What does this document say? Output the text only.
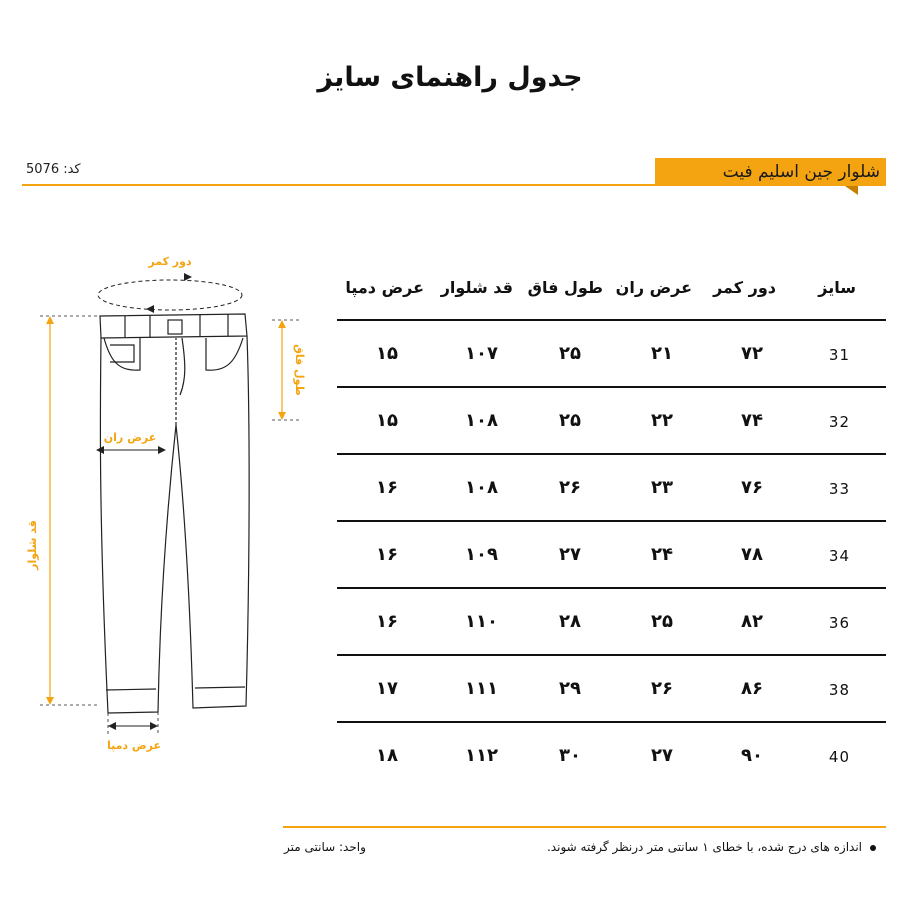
جدول راهنمای سایز
شلوار جین اسلیم فیت
کد: 5076
دور کمر
طول فاق
عرض ران
قد شلوار
عرض دمپا
سایز
دور کمر
عرض ران
طول فاق
قد شلوار
عرض دمپا
31
۷۲
۲۱
۲۵
۱۰۷
۱۵
32
۷۴
۲۲
۲۵
۱۰۸
۱۵
33
۷۶
۲۳
۲۶
۱۰۸
۱۶
34
۷۸
۲۴
۲۷
۱۰۹
۱۶
36
۸۲
۲۵
۲۸
۱۱۰
۱۶
38
۸۶
۲۶
۲۹
۱۱۱
۱۷
40
۹۰
۲۷
۳۰
۱۱۲
۱۸
اندازه های درج شده، با خطای ۱ سانتی متر درنظر گرفته شوند.
واحد: سانتی متر
